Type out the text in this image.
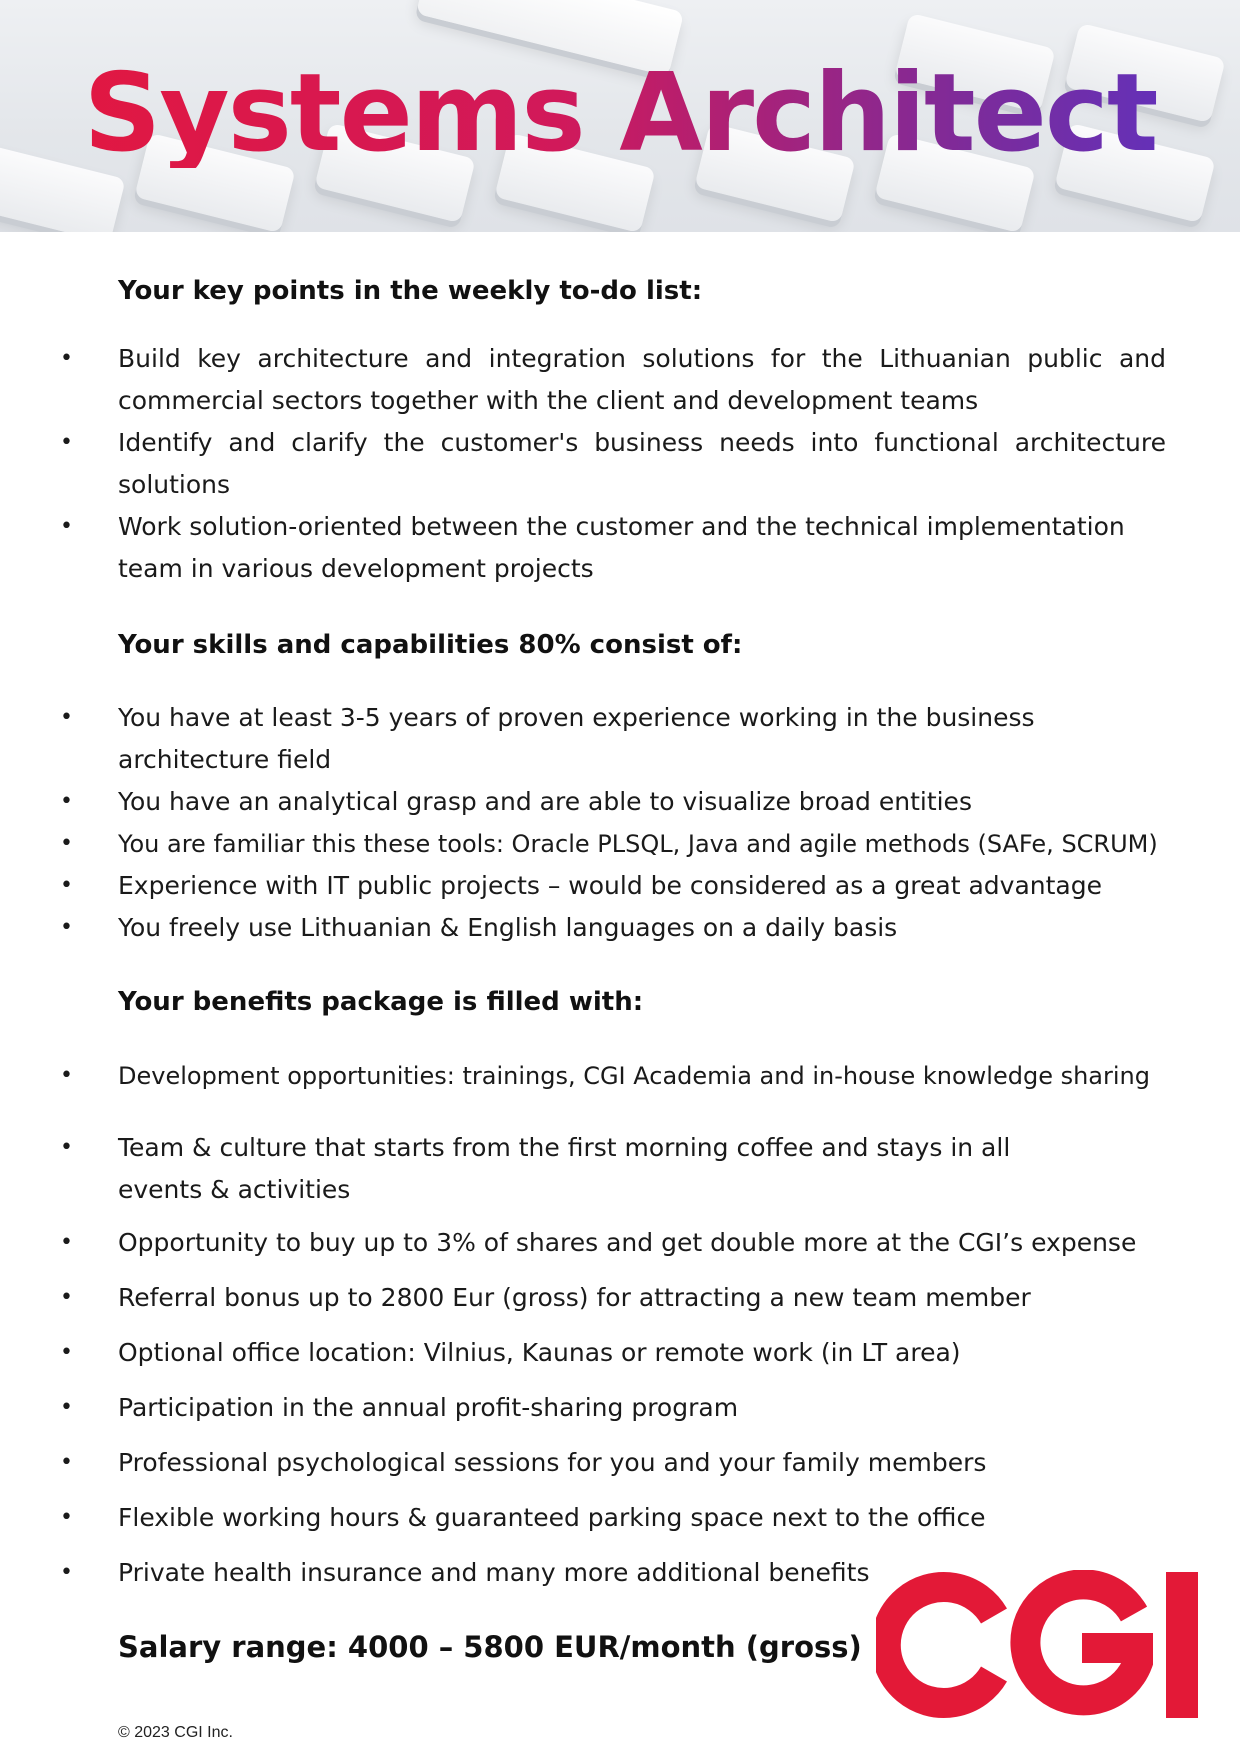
Systems Architect
Your key points in the weekly to-do list:
• Build key architecture and integration solutions for the Lithuanian public and commercial sectors together with the client and development teams
• Identify and clarify the customer's business needs into functional architecture solutions
• Work solution-oriented between the customer and the technical implementation team in various development projects
Your skills and capabilities 80% consist of:
• You have at least 3-5 years of proven experience working in the business architecture field
• You have an analytical grasp and are able to visualize broad entities
• You are familiar this these tools: Oracle PLSQL, Java and agile methods (SAFe, SCRUM)
• Experience with IT public projects – would be considered as a great advantage
• You freely use Lithuanian & English languages on a daily basis
Your benefits package is filled with:
• Development opportunities: trainings, CGI Academia and in-house knowledge sharing
• Team & culture that starts from the first morning coffee and stays in all events & activities
• Opportunity to buy up to 3% of shares and get double more at the CGI’s expense
• Referral bonus up to 2800 Eur (gross) for attracting a new team member
• Optional office location: Vilnius, Kaunas or remote work (in LT area)
• Participation in the annual profit-sharing program
• Professional psychological sessions for you and your family members
• Flexible working hours & guaranteed parking space next to the office
• Private health insurance and many more additional benefits
Salary range: 4000 – 5800 EUR/month (gross)
© 2023 CGI Inc.
